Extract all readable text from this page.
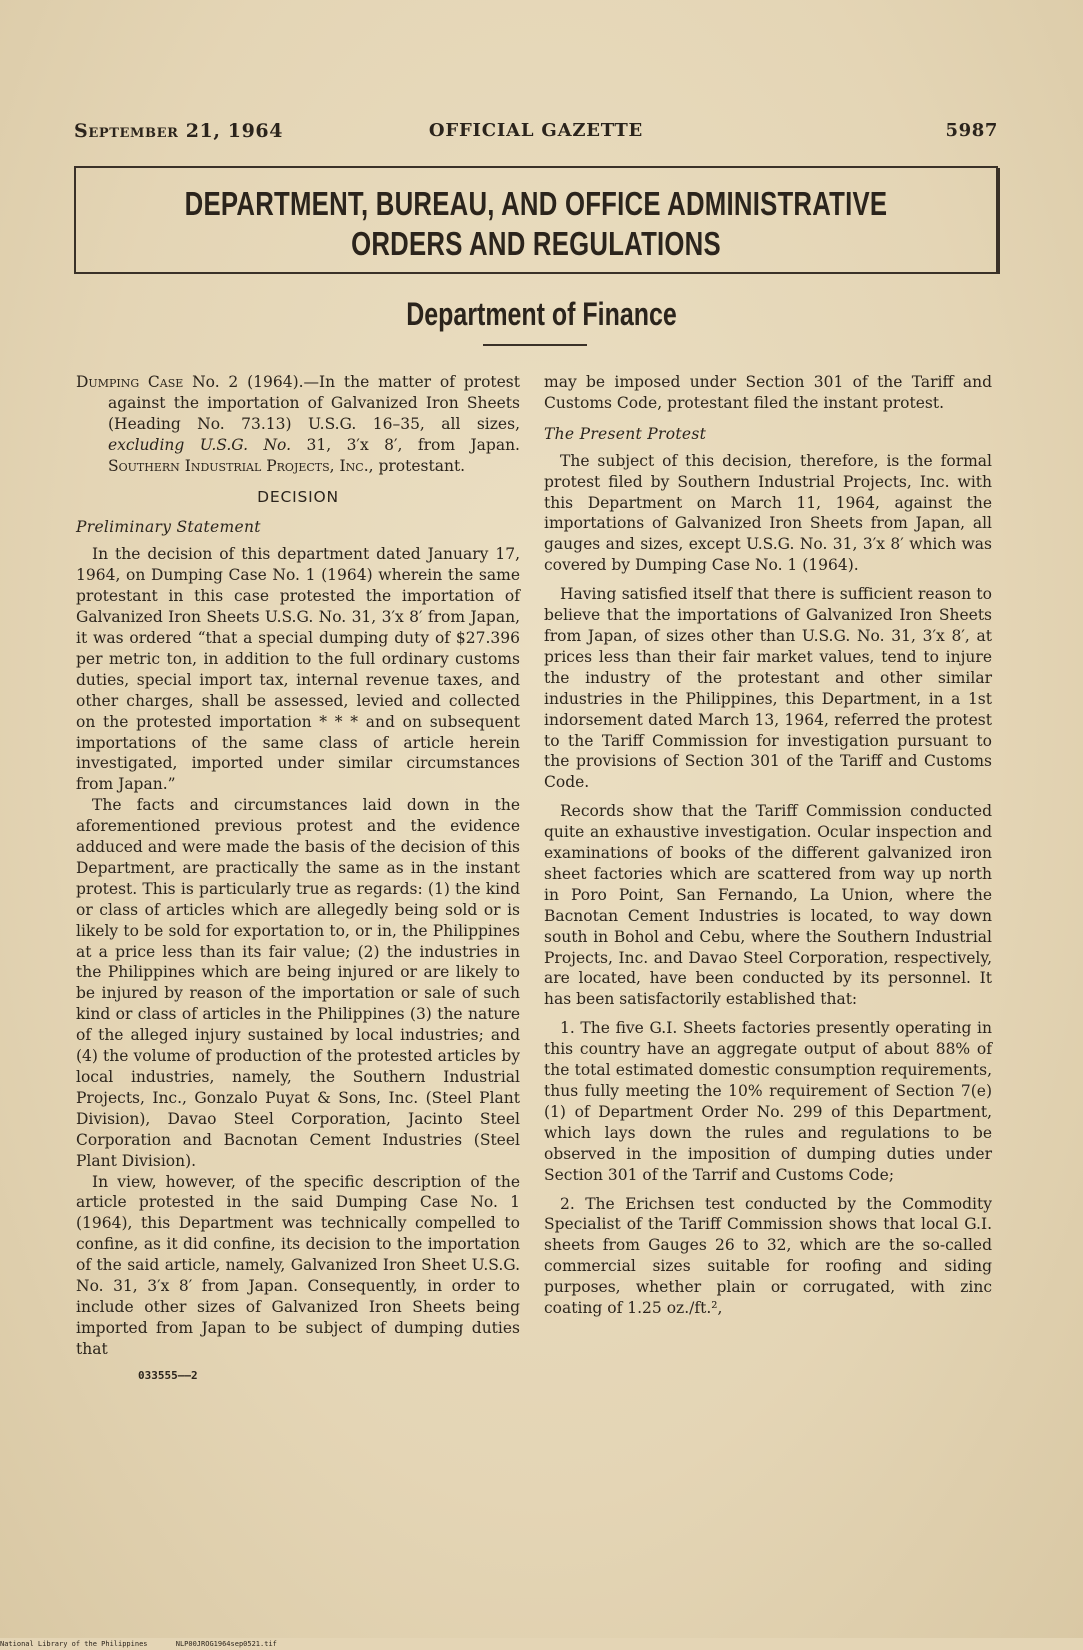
September 21, 1964	OFFICIAL GAZETTE	5987
DEPARTMENT, BUREAU, AND OFFICE ADMINISTRATIVE
ORDERS AND REGULATIONS
Department of Finance

Dumping Case No. 2 (1964).—In the matter of protest against the importation of Galvanized Iron Sheets (Heading No. 73.13) U.S.G. 16–35, all sizes, excluding U.S.G. No. 31, 3′x 8′, from Japan. Southern Industrial Projects, Inc., protestant.

DECISION

Preliminary Statement

In the decision of this department dated January 17, 1964, on Dumping Case No. 1 (1964) wherein the same protestant in this case protested the importation of Galvanized Iron Sheets U.S.G. No. 31, 3′x 8′ from Japan, it was ordered “that a special dumping duty of $27.396 per metric ton, in addition to the full ordinary customs duties, special import tax, internal revenue taxes, and other charges, shall be assessed, levied and collected on the protested importation * * * and on subsequent importations of the same class of article herein investigated, imported under similar circumstances from Japan.”

The facts and circumstances laid down in the aforementioned previous protest and the evidence adduced and were made the basis of the decision of this Department, are practically the same as in the instant protest. This is particularly true as regards: (1) the kind or class of articles which are allegedly being sold or is likely to be sold for exportation to, or in, the Philippines at a price less than its fair value; (2) the industries in the Philippines which are being injured or are likely to be injured by reason of the importation or sale of such kind or class of articles in the Philippines (3) the nature of the alleged injury sustained by local industries; and (4) the volume of production of the protested articles by local industries, namely, the Southern Industrial Projects, Inc., Gonzalo Puyat & Sons, Inc. (Steel Plant Division), Davao Steel Corporation, Jacinto Steel Corporation and Bacnotan Cement Industries (Steel Plant Division).

In view, however, of the specific description of the article protested in the said Dumping Case No. 1 (1964), this Department was technically compelled to confine, as it did confine, its decision to the importation of the said article, namely, Galvanized Iron Sheet U.S.G. No. 31, 3′x 8′ from Japan. Consequently, in order to include other sizes of Galvanized Iron Sheets being imported from Japan to be subject of dumping duties that

033555——2

may be imposed under Section 301 of the Tariff and Customs Code, protestant filed the instant protest.

The Present Protest

The subject of this decision, therefore, is the formal protest filed by Southern Industrial Projects, Inc. with this Department on March 11, 1964, against the importations of Galvanized Iron Sheets from Japan, all gauges and sizes, except U.S.G. No. 31, 3′x 8′ which was covered by Dumping Case No. 1 (1964).

Having satisfied itself that there is sufficient reason to believe that the importations of Galvanized Iron Sheets from Japan, of sizes other than U.S.G. No. 31, 3′x 8′, at prices less than their fair market values, tend to injure the industry of the protestant and other similar industries in the Philippines, this Department, in a 1st indorsement dated March 13, 1964, referred the protest to the Tariff Commission for investigation pursuant to the provisions of Section 301 of the Tariff and Customs Code.

Records show that the Tariff Commission conducted quite an exhaustive investigation. Ocular inspection and examinations of books of the different galvanized iron sheet factories which are scattered from way up north in Poro Point, San Fernando, La Union, where the Bacnotan Cement Industries is located, to way down south in Bohol and Cebu, where the Southern Industrial Projects, Inc. and Davao Steel Corporation, respectively, are located, have been conducted by its personnel. It has been satisfactorily established that:

1. The five G.I. Sheets factories presently operating in this country have an aggregate output of about 88% of the total estimated domestic consumption requirements, thus fully meeting the 10% requirement of Section 7(e) (1) of Department Order No. 299 of this Department, which lays down the rules and regulations to be observed in the imposition of dumping duties under Section 301 of the Tarrif and Customs Code;

2. The Erichsen test conducted by the Commodity Specialist of the Tariff Commission shows that local G.I. sheets from Gauges 26 to 32, which are the so-called commercial sizes suitable for roofing and siding purposes, whether plain or corrugated, with zinc coating of 1.25 oz./ft.²,

National Library of the Philippines	NLP00JROG1964sep0521.tif
